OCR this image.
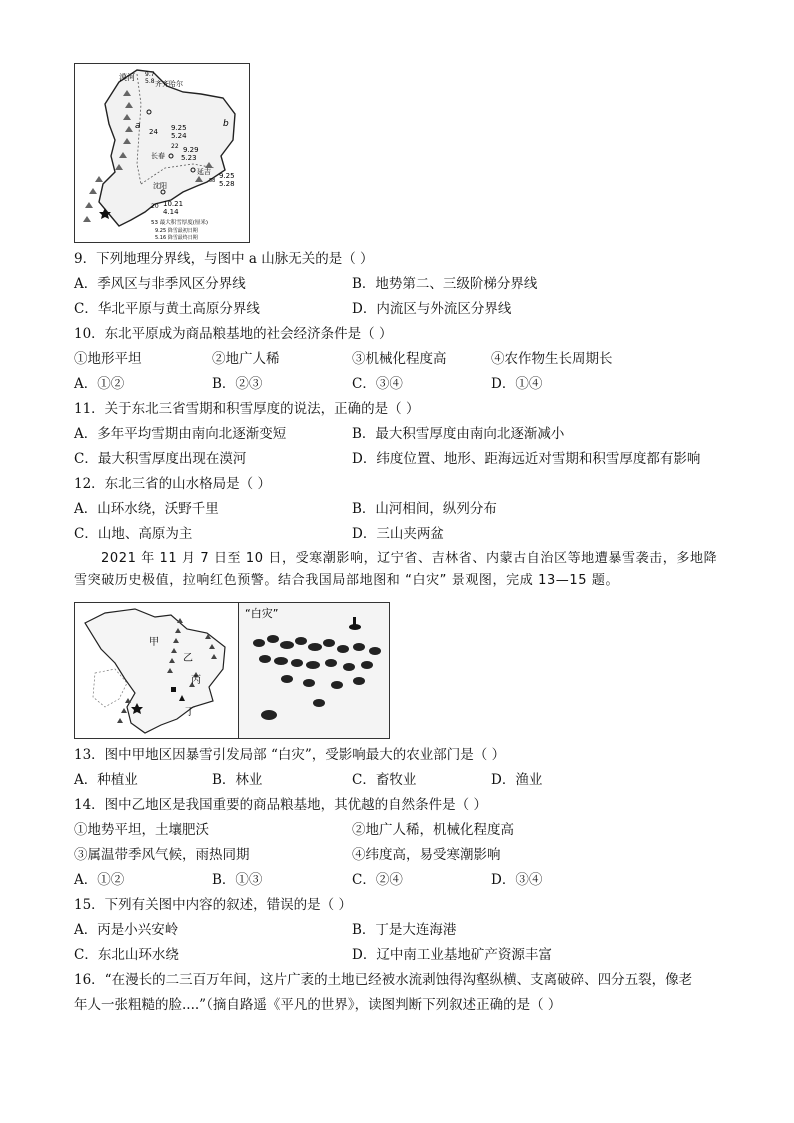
漠河 9.7
5.8
a	b
齐齐哈尔
24 9.25
5.24
长春
22 9.29
5.23
延吉
58
9.25
5.28
沈阳
20 10.21
4.14
53 最大积雪厚度(厘米)
9.25 降雪最初日期
5.16 降雪最终日期
9．下列地理分界线，与图中 a 山脉无关的是（ ）
A．季风区与非季风区分界线	B．地势第二、三级阶梯分界线
C．华北平原与黄土高原分界线	D．内流区与外流区分界线
10．东北平原成为商品粮基地的社会经济条件是（ ）
①地形平坦	②地广人稀	③机械化程度高	④农作物生长周期长
A．①②	B．②③	C．③④	D．①④
11．关于东北三省雪期和积雪厚度的说法，正确的是（ ）
A．多年平均雪期由南向北逐渐变短	B．最大积雪厚度由南向北逐渐减小
C．最大积雪厚度出现在漠河	D．纬度位置、地形、距海远近对雪期和积雪厚度都有影响
12．东北三省的山水格局是（ ）
A．山环水绕，沃野千里	B．山河相间，纵列分布
C．山地、高原为主	D．三山夹两盆
2021 年 11 月 7 日至 10 日，受寒潮影响，辽宁省、吉林省、内蒙古自治区等地遭暴雪袭击，多地降雪突破历史极值，拉响红色预警。结合我国局部地图和 “白灾” 景观图，完成 13—15 题。
甲
乙
丙
丁
“白灾”
13．图中甲地区因暴雪引发局部 “白灾”，受影响最大的农业部门是（ ）
A．种植业	B．林业	C．畜牧业	D．渔业
14．图中乙地区是我国重要的商品粮基地，其优越的自然条件是（ ）
①地势平坦，土壤肥沃	②地广人稀，机械化程度高
③属温带季风气候，雨热同期	④纬度高，易受寒潮影响
A．①②	B．①③	C．②④	D．③④
15．下列有关图中内容的叙述，错误的是（ ）
A．丙是小兴安岭	B．丁是大连海港
C．东北山环水绕	D．辽中南工业基地矿产资源丰富
16．“在漫长的二三百万年间，这片广袤的土地已经被水流剥蚀得沟壑纵横、支离破碎、四分五裂，像老
年人一张粗糙的脸....”（摘自路遥《平凡的世界》，读图判断下列叙述正确的是（ ）
